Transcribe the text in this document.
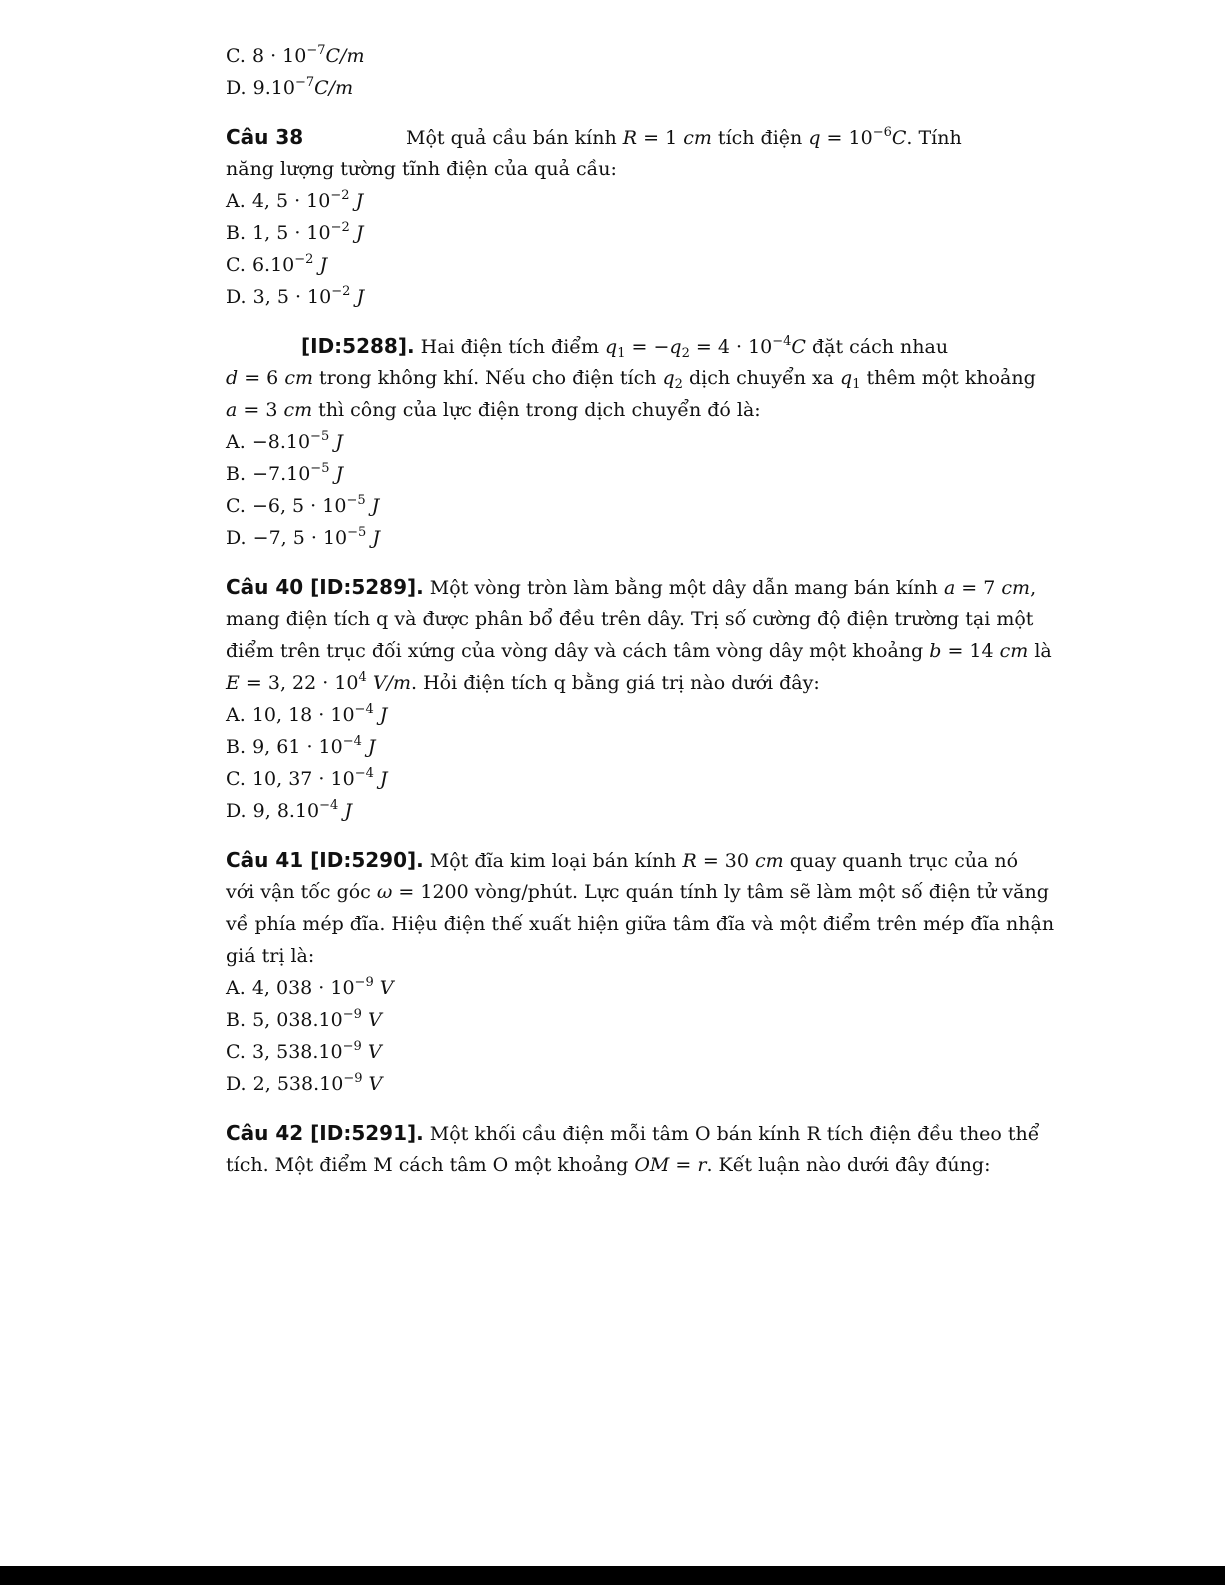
C. $8 \cdot 10^{-7}C/m$
D. $9.10^{-7}C/m$
Câu 38	Một quả cầu bán kính R = 1 cm tích điện $q = 10^{-6}C$. Tính
năng lượng tường tĩnh điện của quả cầu:
A. 4, $5 \cdot 10^{-2}$ J
B. 1, $5 \cdot 10^{-2}$ J
C. $6.10^{-2}$ J
D. 3, $5 \cdot 10^{-2}$ J
[ID:5288]. Hai điện tích điểm $q_1 = -q_2 = 4 \cdot 10^{-4}C$ đặt cách nhau
d = 6 cm trong không khí. Nếu cho điện tích $q_2$ dịch chuyển xa $q_1$ thêm một khoảng
a = 3 cm thì công của lực điện trong dịch chuyển đó là:
A. $-8.10^{-5}$ J
B. $-7.10^{-5}$ J
C. −6, $5 \cdot 10^{-5}$ J
D. −7, $5 \cdot 10^{-5}$ J
Câu 40 [ID:5289]. Một vòng tròn làm bằng một dây dẫn mang bán kính a = 7 cm,
mang điện tích q và được phân bổ đều trên dây. Trị số cường độ điện trường tại một
điểm trên trục đối xứng của vòng dây và cách tâm vòng dây một khoảng b = 14 cm là
E = 3, $22 \cdot 10^4$ V/m. Hỏi điện tích q bằng giá trị nào dưới đây:
A. 10, $18 \cdot 10^{-4}$ J
B. 9, $61 \cdot 10^{-4}$ J
C. 10, $37 \cdot 10^{-4}$ J
D. 9, $8.10^{-4}$ J
Câu 41 [ID:5290]. Một đĩa kim loại bán kính R = 30 cm quay quanh trục của nó
với vận tốc góc ω = 1200 vòng/phút. Lực quán tính ly tâm sẽ làm một số điện tử văng
về phía mép đĩa. Hiệu điện thế xuất hiện giữa tâm đĩa và một điểm trên mép đĩa nhận
giá trị là:
A. 4, $038 \cdot 10^{-9}$ V
B. 5, $038.10^{-9}$ V
C. 3, $538.10^{-9}$ V
D. 2, $538.10^{-9}$ V
Câu 42 [ID:5291]. Một khối cầu điện mỗi tâm O bán kính R tích điện đều theo thể
tích. Một điểm M cách tâm O một khoảng OM = r. Kết luận nào dưới đây đúng:
